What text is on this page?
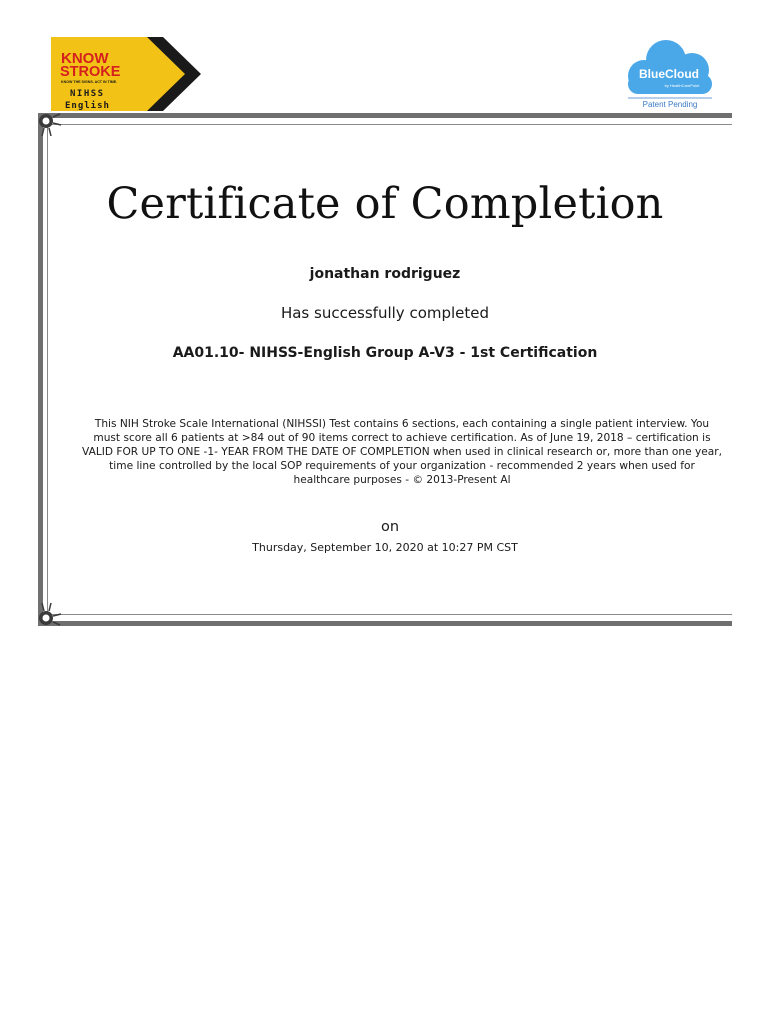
KNOW
STROKE
KNOW THE SIGNS. ACT IN TIME.
NIHSS
English
BlueCloud
by HealthCarePoint
Patent Pending
Certificate of Completion
jonathan rodriguez
Has successfully completed
AA01.10- NIHSS-English Group A-V3 - 1st Certification
This NIH Stroke Scale International (NIHSSI) Test contains 6 sections, each containing a single patient interview. You must score all 6 patients at >84 out of 90 items correct to achieve certification. As of June 19, 2018 – certification is VALID FOR UP TO ONE -1- YEAR FROM THE DATE OF COMPLETION when used in clinical research or, more than one year, time line controlled by the local SOP requirements of your organization - recommended 2 years when used for healthcare purposes - © 2013-Present Al
on
Thursday, September 10, 2020 at 10:27 PM CST
